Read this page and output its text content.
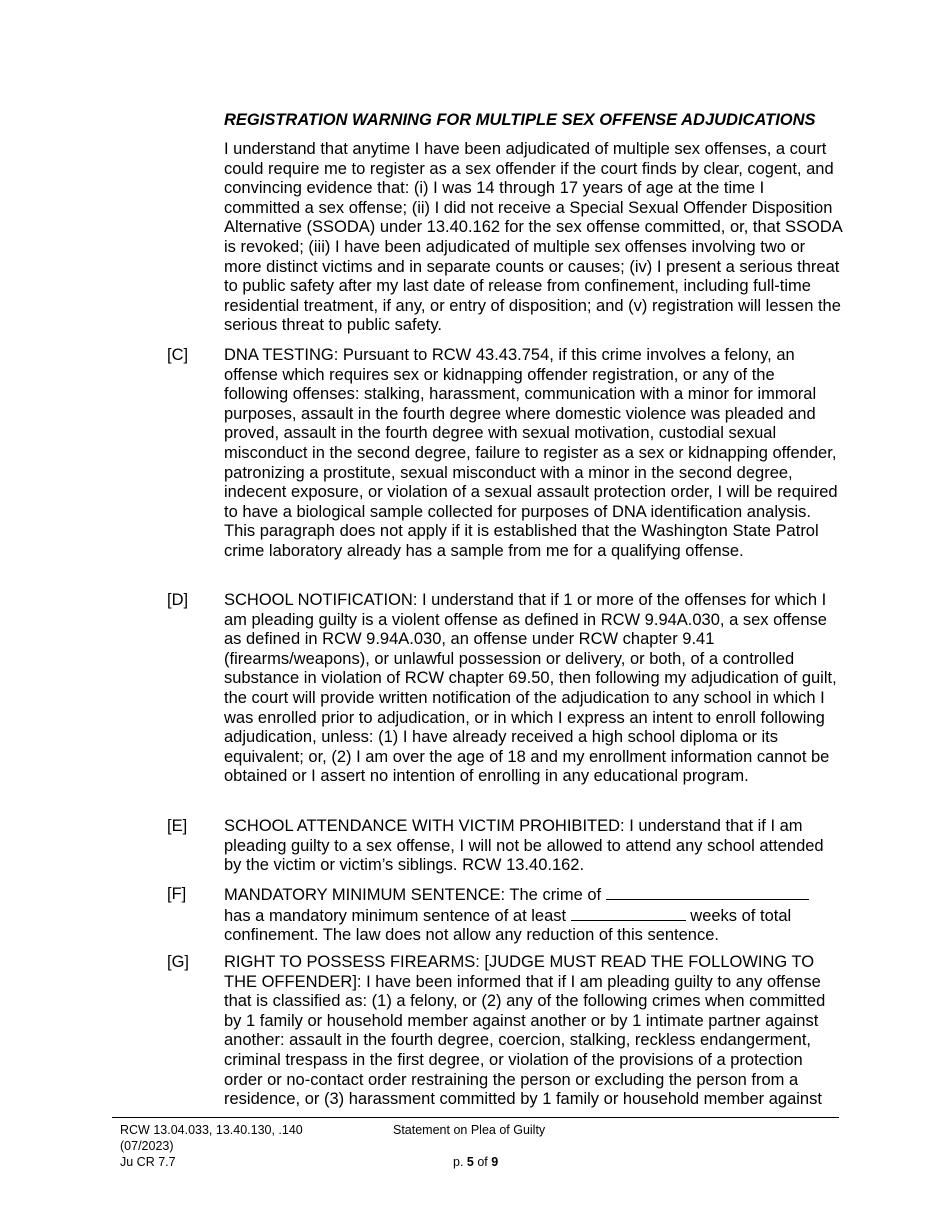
REGISTRATION WARNING FOR MULTIPLE SEX OFFENSE ADJUDICATIONS
I understand that anytime I have been adjudicated of multiple sex offenses, a court could require me to register as a sex offender if the court finds by clear, cogent, and convincing evidence that: (i) I was 14 through 17 years of age at the time I committed a sex offense; (ii) I did not receive a Special Sexual Offender Disposition Alternative (SSODA) under 13.40.162 for the sex offense committed, or, that SSODA is revoked; (iii) I have been adjudicated of multiple sex offenses involving two or more distinct victims and in separate counts or causes; (iv) I present a serious threat to public safety after my last date of release from confinement, including full-time residential treatment, if any, or entry of disposition; and (v) registration will lessen the serious threat to public safety.
[C] DNA TESTING: Pursuant to RCW 43.43.754, if this crime involves a felony, an offense which requires sex or kidnapping offender registration, or any of the following offenses: stalking, harassment, communication with a minor for immoral purposes, assault in the fourth degree where domestic violence was pleaded and proved, assault in the fourth degree with sexual motivation, custodial sexual misconduct in the second degree, failure to register as a sex or kidnapping offender, patronizing a prostitute, sexual misconduct with a minor in the second degree, indecent exposure, or violation of a sexual assault protection order, I will be required to have a biological sample collected for purposes of DNA identification analysis. This paragraph does not apply if it is established that the Washington State Patrol crime laboratory already has a sample from me for a qualifying offense.
[D] SCHOOL NOTIFICATION: I understand that if 1 or more of the offenses for which I am pleading guilty is a violent offense as defined in RCW 9.94A.030, a sex offense as defined in RCW 9.94A.030, an offense under RCW chapter 9.41 (firearms/weapons), or unlawful possession or delivery, or both, of a controlled substance in violation of RCW chapter 69.50, then following my adjudication of guilt, the court will provide written notification of the adjudication to any school in which I was enrolled prior to adjudication, or in which I express an intent to enroll following adjudication, unless: (1) I have already received a high school diploma or its equivalent; or, (2) I am over the age of 18 and my enrollment information cannot be obtained or I assert no intention of enrolling in any educational program.
[E] SCHOOL ATTENDANCE WITH VICTIM PROHIBITED: I understand that if I am pleading guilty to a sex offense, I will not be allowed to attend any school attended by the victim or victim’s siblings. RCW 13.40.162.
[F] MANDATORY MINIMUM SENTENCE: The crime of
has a mandatory minimum sentence of at least	weeks of total confinement. The law does not allow any reduction of this sentence.
[G] RIGHT TO POSSESS FIREARMS: [JUDGE MUST READ THE FOLLOWING TO THE OFFENDER]: I have been informed that if I am pleading guilty to any offense that is classified as: (1) a felony, or (2) any of the following crimes when committed by 1 family or household member against another or by 1 intimate partner against another: assault in the fourth degree, coercion, stalking, reckless endangerment, criminal trespass in the first degree, or violation of the provisions of a protection order or no-contact order restraining the person or excluding the person from a residence, or (3) harassment committed by 1 family or household member against
RCW 13.04.033, 13.40.130, .140
(07/2023)
Ju CR 7.7
Statement on Plea of Guilty
p. 5 of 9
